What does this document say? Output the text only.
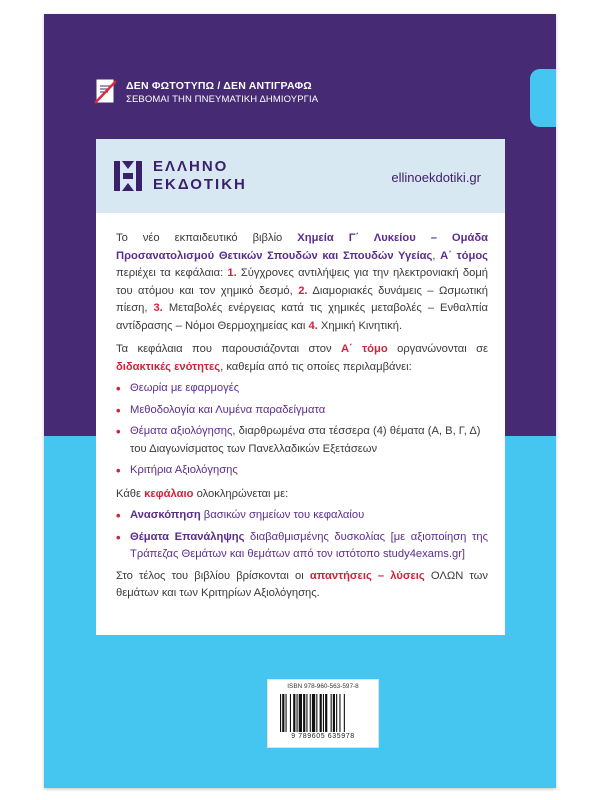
ΔΕΝ ΦΩΤΟΤΥΠΩ / ΔΕΝ ΑΝΤΙΓΡΑΦΩ
ΣΕΒΟΜΑΙ ΤΗΝ ΠΝΕΥΜΑΤΙΚΗ ΔΗΜΙΟΥΡΓΙΑ
ΕΛΛΗΝΟ
ΕΚΔΟΤΙΚΗ	ellinoekdotiki.gr

Το νέο εκπαιδευτικό βιβλίο Χημεία Γ΄ Λυκείου – Ομάδα Προσανατολισμού Θετικών Σπουδών και Σπουδών Υγείας, Α΄ τόμος περιέχει τα κεφάλαια: 1. Σύγχρονες αντιλήψεις για την ηλεκτρονιακή δομή του ατόμου και τον χημικό δεσμό, 2. Διαμοριακές δυνάμεις – Ωσμωτική πίεση, 3. Μεταβολές ενέργειας κατά τις χημικές μεταβολές – Ενθαλπία αντίδρασης – Νόμοι Θερμοχημείας και 4. Χημική Κινητική.

Τα κεφάλαια που παρουσιάζονται στον Α΄ τόμο οργανώνονται σε διδακτικές ενότητες, καθεμία από τις οποίες περιλαμβάνει:

• Θεωρία με εφαρμογές
• Μεθοδολογία και Λυμένα παραδείγματα
• Θέματα αξιολόγησης, διαρθρωμένα στα τέσσερα (4) θέματα (Α, Β, Γ, Δ) του Διαγωνίσματος των Πανελλαδικών Εξετάσεων
• Κριτήρια Αξιολόγησης

Κάθε κεφάλαιο ολοκληρώνεται με:

• Ανασκόπηση βασικών σημείων του κεφαλαίου
• Θέματα Επανάληψης διαβαθμισμένης δυσκολίας [με αξιοποίηση της Τράπεζας Θεμάτων και θεμάτων από τον ιστότοπο study4exams.gr]

Στο τέλος του βιβλίου βρίσκονται οι απαντήσεις – λύσεις ΟΛΩΝ των θεμάτων και των Κριτηρίων Αξιολόγησης.

ISBN 978-960-563-597-8
9 789605 635978
